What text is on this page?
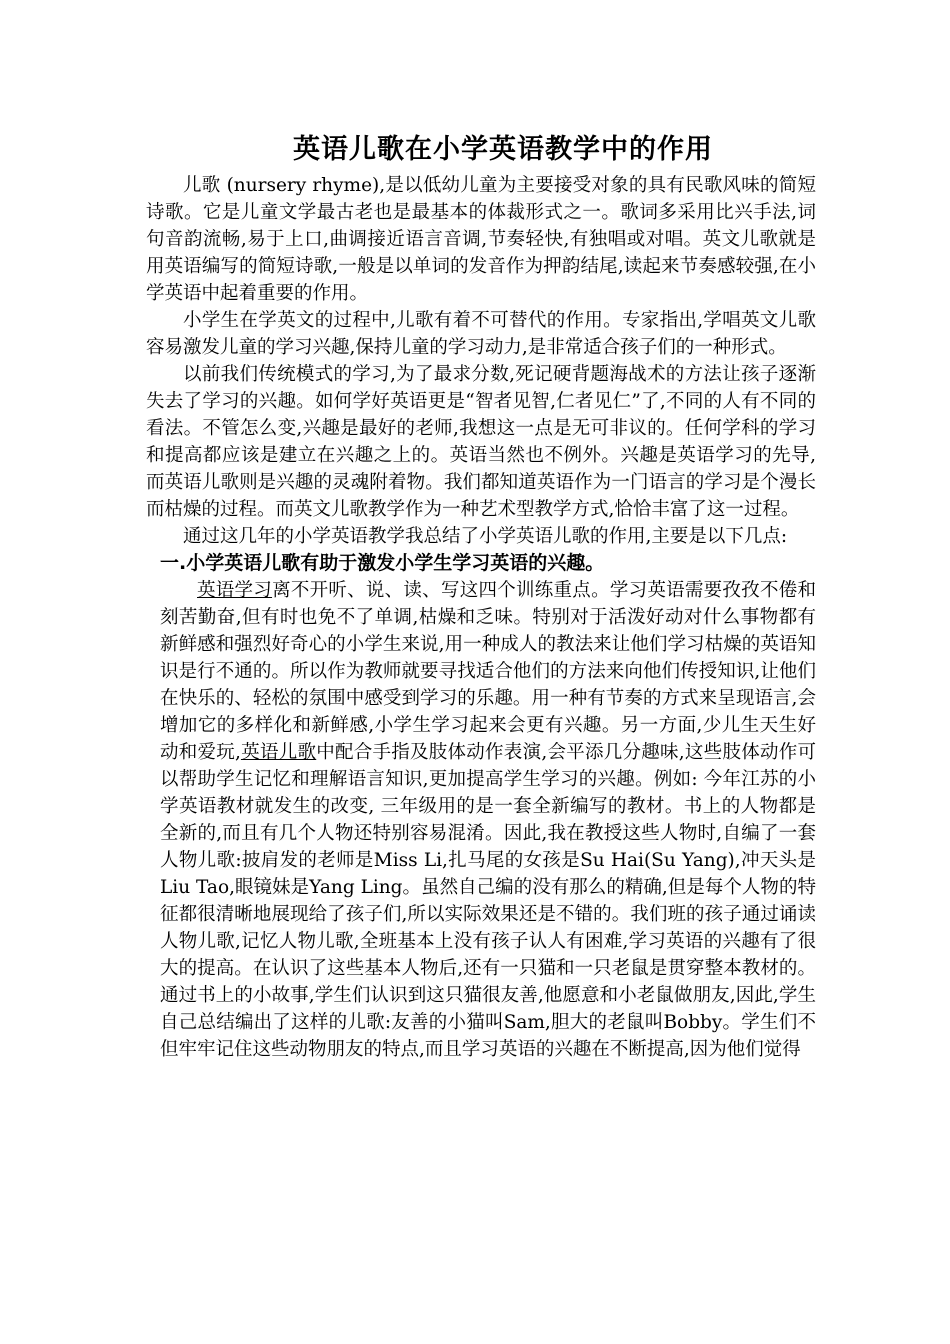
英语儿歌在小学英语教学中的作用

儿歌 (nursery rhyme),是以低幼儿童为主要接受对象的具有民歌风味的简短诗歌。它是儿童文学最古老也是最基本的体裁形式之一。歌词多采用比兴手法,词句音韵流畅,易于上口,曲调接近语言音调,节奏轻快,有独唱或对唱。英文儿歌就是用英语编写的简短诗歌,一般是以单词的发音作为押韵结尾,读起来节奏感较强,在小学英语中起着重要的作用。

小学生在学英文的过程中,儿歌有着不可替代的作用。专家指出,学唱英文儿歌容易激发儿童的学习兴趣,保持儿童的学习动力,是非常适合孩子们的一种形式。

以前我们传统模式的学习,为了最求分数,死记硬背题海战术的方法让孩子逐渐失去了学习的兴趣。如何学好英语更是“智者见智,仁者见仁”了,不同的人有不同的看法。不管怎么变,兴趣是最好的老师,我想这一点是无可非议的。任何学科的学习和提高都应该是建立在兴趣之上的。英语当然也不例外。兴趣是英语学习的先导,而英语儿歌则是兴趣的灵魂附着物。我们都知道英语作为一门语言的学习是个漫长而枯燥的过程。而英文儿歌教学作为一种艺术型教学方式,恰恰丰富了这一过程。

通过这几年的小学英语教学我总结了小学英语儿歌的作用,主要是以下几点:

一.小学英语儿歌有助于激发小学生学习英语的兴趣。

英语学习离不开听、说、读、写这四个训练重点。学习英语需要孜孜不倦和刻苦勤奋,但有时也免不了单调,枯燥和乏味。特别对于活泼好动对什么事物都有新鲜感和强烈好奇心的小学生来说,用一种成人的教法来让他们学习枯燥的英语知识是行不通的。所以作为教师就要寻找适合他们的方法来向他们传授知识,让他们在快乐的、轻松的氛围中感受到学习的乐趣。用一种有节奏的方式来呈现语言,会增加它的多样化和新鲜感,小学生学习起来会更有兴趣。另一方面,少儿生天生好动和爱玩,英语儿歌中配合手指及肢体动作表演,会平添几分趣味,这些肢体动作可以帮助学生记忆和理解语言知识,更加提高学生学习的兴趣。例如: 今年江苏的小学英语教材就发生的改变, 三年级用的是一套全新编写的教材。书上的人物都是全新的,而且有几个人物还特别容易混淆。因此,我在教授这些人物时,自编了一套人物儿歌:披肩发的老师是Miss Li,扎马尾的女孩是Su Hai(Su Yang),冲天头是Liu Tao,眼镜妹是Yang Ling。虽然自己编的没有那么的精确,但是每个人物的特征都很清晰地展现给了孩子们,所以实际效果还是不错的。我们班的孩子通过诵读人物儿歌,记忆人物儿歌,全班基本上没有孩子认人有困难,学习英语的兴趣有了很大的提高。在认识了这些基本人物后,还有一只猫和一只老鼠是贯穿整本教材的。通过书上的小故事,学生们认识到这只猫很友善,他愿意和小老鼠做朋友,因此,学生自己总结编出了这样的儿歌:友善的小猫叫Sam,胆大的老鼠叫Bobby。学生们不但牢牢记住这些动物朋友的特点,而且学习英语的兴趣在不断提高,因为他们觉得
